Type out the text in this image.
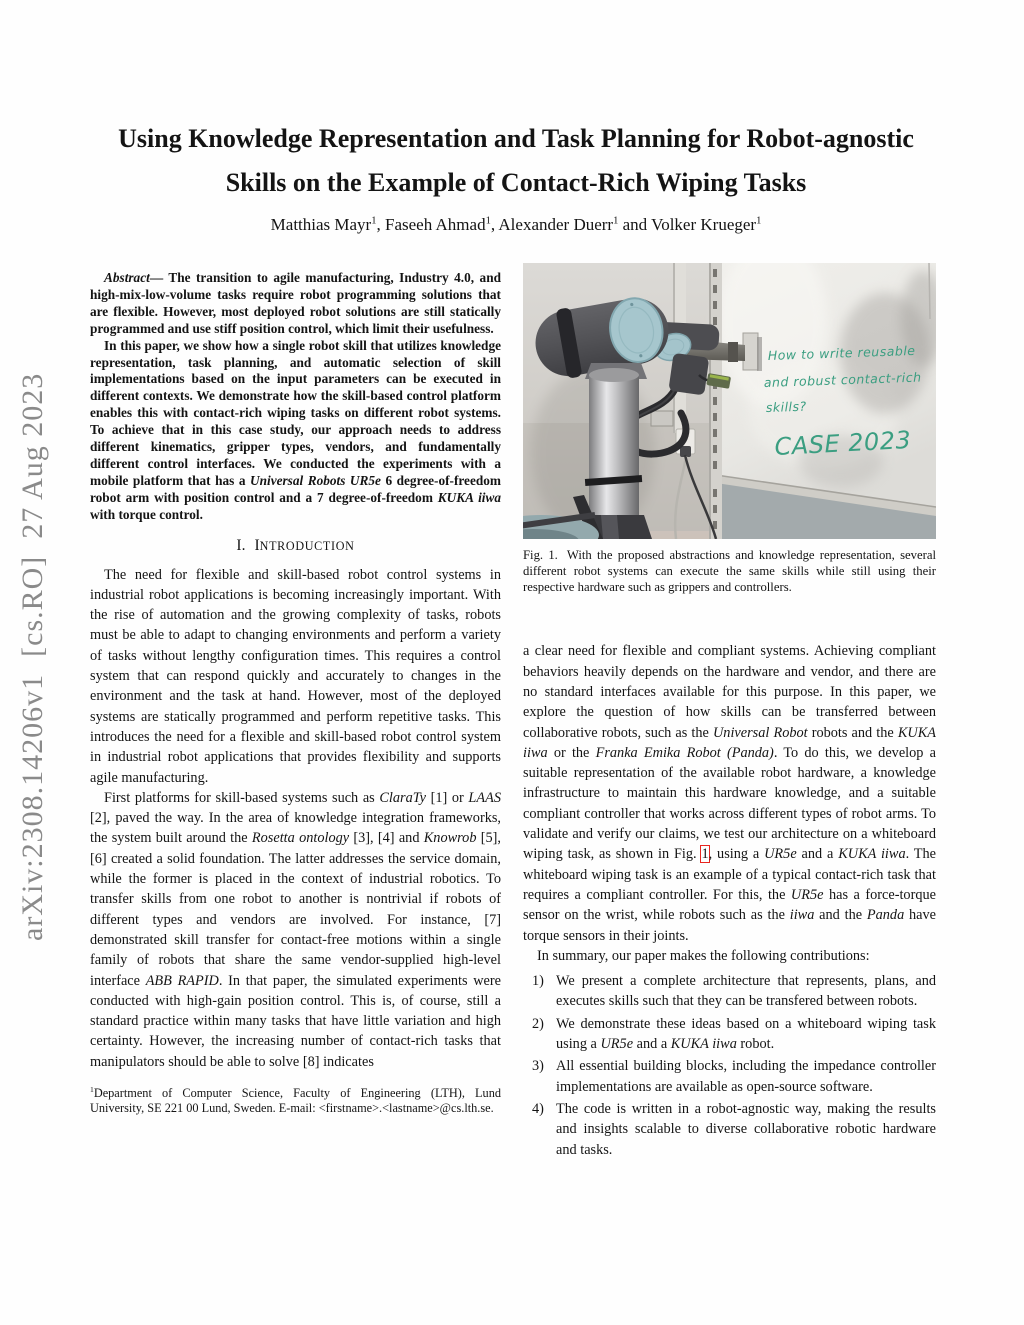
arXiv:2308.14206v1  [cs.RO]  27 Aug 2023
Using Knowledge Representation and Task Planning for Robot-agnostic
Skills on the Example of Contact-Rich Wiping Tasks
Matthias Mayr$^1$, Faseeh Ahmad$^1$, Alexander Duerr$^1$ and Volker Krueger$^1$

Abstract— The transition to agile manufacturing, Industry 4.0, and high-mix-low-volume tasks require robot programming solutions that are flexible. However, most deployed robot solutions are still statically programmed and use stiff position control, which limit their usefulness.

In this paper, we show how a single robot skill that utilizes knowledge representation, task planning, and automatic selection of skill implementations based on the input parameters can be executed in different contexts. We demonstrate how the skill-based control platform enables this with contact-rich wiping tasks on different robot systems. To achieve that in this case study, our approach needs to address different kinematics, gripper types, vendors, and fundamentally different control interfaces. We conducted the experiments with a mobile platform that has a Universal Robots UR5e 6 degree-of-freedom robot arm with position control and a 7 degree-of-freedom KUKA iiwa with torque control.

I. INTRODUCTION

The need for flexible and skill-based robot control systems in industrial robot applications is becoming increasingly important. With the rise of automation and the growing complexity of tasks, robots must be able to adapt to changing environments and perform a variety of tasks without lengthy configuration times. This requires a control system that can respond quickly and accurately to changes in the environment and the task at hand. However, most of the deployed systems are statically programmed and perform repetitive tasks. This introduces the need for a flexible and skill-based robot control system in industrial robot applications that provides flexibility and supports agile manufacturing.

First platforms for skill-based systems such as ClaraTy [1] or LAAS [2], paved the way. In the area of knowledge integration frameworks, the system built around the Rosetta ontology [3], [4] and Knowrob [5], [6] created a solid foundation. The latter addresses the service domain, while the former is placed in the context of industrial robotics. To transfer skills from one robot to another is nontrivial if robots of different types and vendors are involved. For instance, [7] demonstrated skill transfer for contact-free motions within a single family of robots that share the same vendor-supplied high-level interface ABB RAPID. In that paper, the simulated experiments were conducted with high-gain position control. This is, of course, still a standard practice within many tasks that have little variation and high certainty. However, the increasing number of contact-rich tasks that manipulators should be able to solve [8] indicates

$^1$Department of Computer Science, Faculty of Engineering (LTH), Lund University, SE 221 00 Lund, Sweden. E-mail: <firstname>.<lastname>@cs.lth.se.
How to write reusable
and robust contact-rich
skills?
CASE 2023
Fig. 1. With the proposed abstractions and knowledge representation, several different robot systems can execute the same skills while still using their respective hardware such as grippers and controllers.

a clear need for flexible and compliant systems. Achieving compliant behaviors heavily depends on the hardware and vendor, and there are no standard interfaces available for this purpose. In this paper, we explore the question of how skills can be transferred between collaborative robots, such as the Universal Robot robots and the KUKA iiwa or the Franka Emika Robot (Panda). To do this, we develop a suitable representation of the available robot hardware, a knowledge infrastructure to maintain this hardware knowledge, and a suitable compliant controller that works across different types of robot arms. To validate and verify our claims, we test our architecture on a whiteboard wiping task, as shown in Fig. 1, using a UR5e and a KUKA iiwa. The whiteboard wiping task is an example of a typical contact-rich task that requires a compliant controller. For this, the UR5e has a force-torque sensor on the wrist, while robots such as the iiwa and the Panda have torque sensors in their joints.

In summary, our paper makes the following contributions:

1) We present a complete architecture that represents, plans, and executes skills such that they can be transfered between robots.
2) We demonstrate these ideas based on a whiteboard wiping task using a UR5e and a KUKA iiwa robot.
3) All essential building blocks, including the impedance controller implementations are available as open-source software.
4) The code is written in a robot-agnostic way, making the results and insights scalable to diverse collaborative robotic hardware and tasks.
